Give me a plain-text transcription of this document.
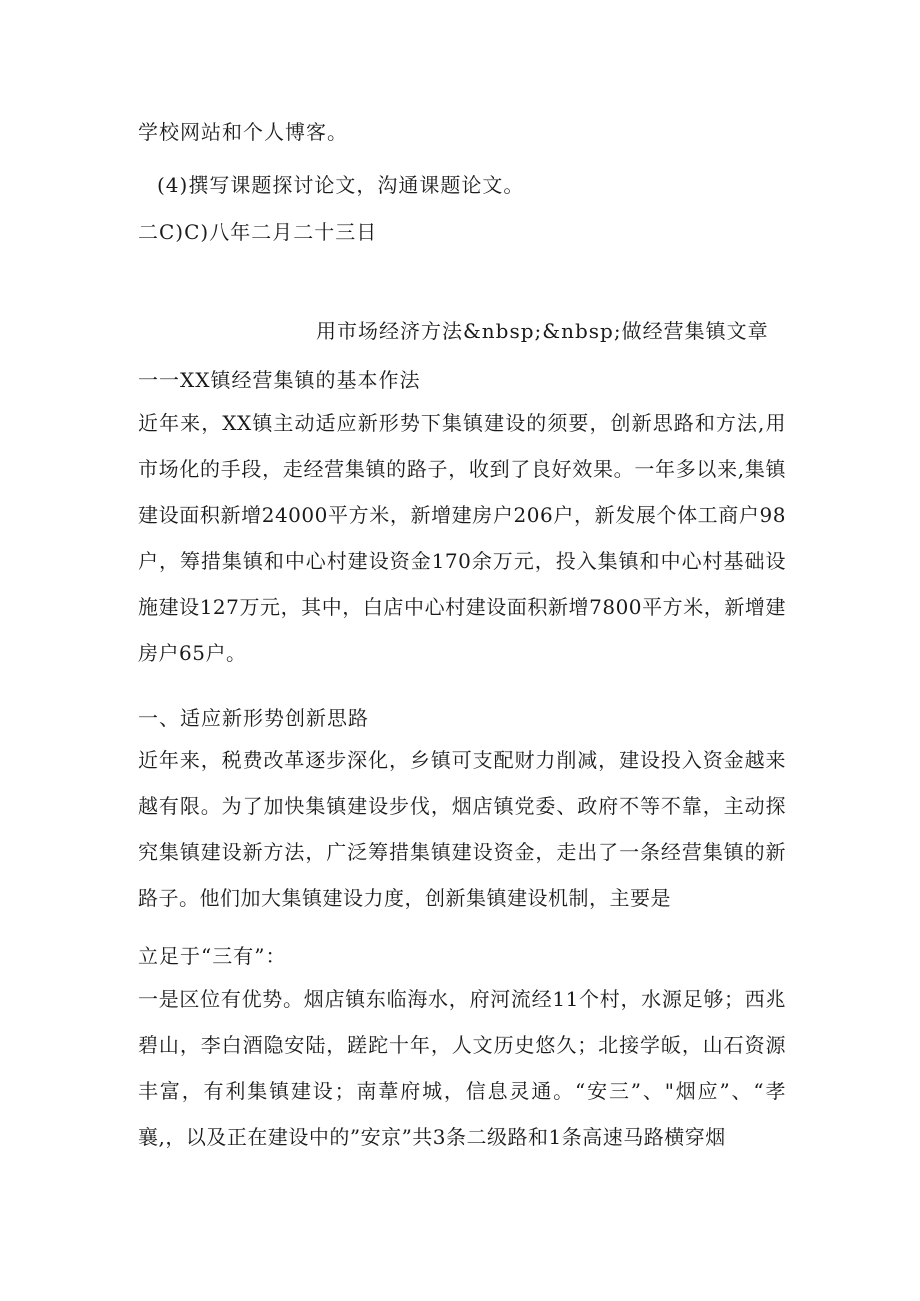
学校网站和个人博客。
(4)撰写课题探讨论文，沟通课题论文。
二C)C)八年二月二十三日
用市场经济方法&nbsp;&nbsp;做经营集镇文章
一一XX镇经营集镇的基本作法

近年来，XX镇主动适应新形势下集镇建设的须要，创新思路和方法,用市场化的手段，走经营集镇的路子，收到了良好效果。一年多以来,集镇建设面积新增24000平方米，新增建房户206户，新发展个体工商户98户，筹措集镇和中心村建设资金170余万元，投入集镇和中心村基础设施建设127万元，其中，白店中心村建设面积新增7800平方米，新增建房户65户。

一、适应新形势创新思路

近年来，税费改革逐步深化，乡镇可支配财力削减，建设投入资金越来越有限。为了加快集镇建设步伐，烟店镇党委、政府不等不靠，主动探究集镇建设新方法，广泛筹措集镇建设资金，走出了一条经营集镇的新路子。他们加大集镇建设力度，创新集镇建设机制，主要是

立足于“三有”：

一是区位有优势。烟店镇东临海水，府河流经11个村，水源足够；西兆碧山，李白酒隐安陆，蹉跎十年，人文历史悠久；北接学皈，山石资源丰富，有利集镇建设；南葦府城，信息灵通。“安三”、"烟应”、“孝襄,，以及正在建设中的”安京”共3条二级路和1条高速马路横穿烟
